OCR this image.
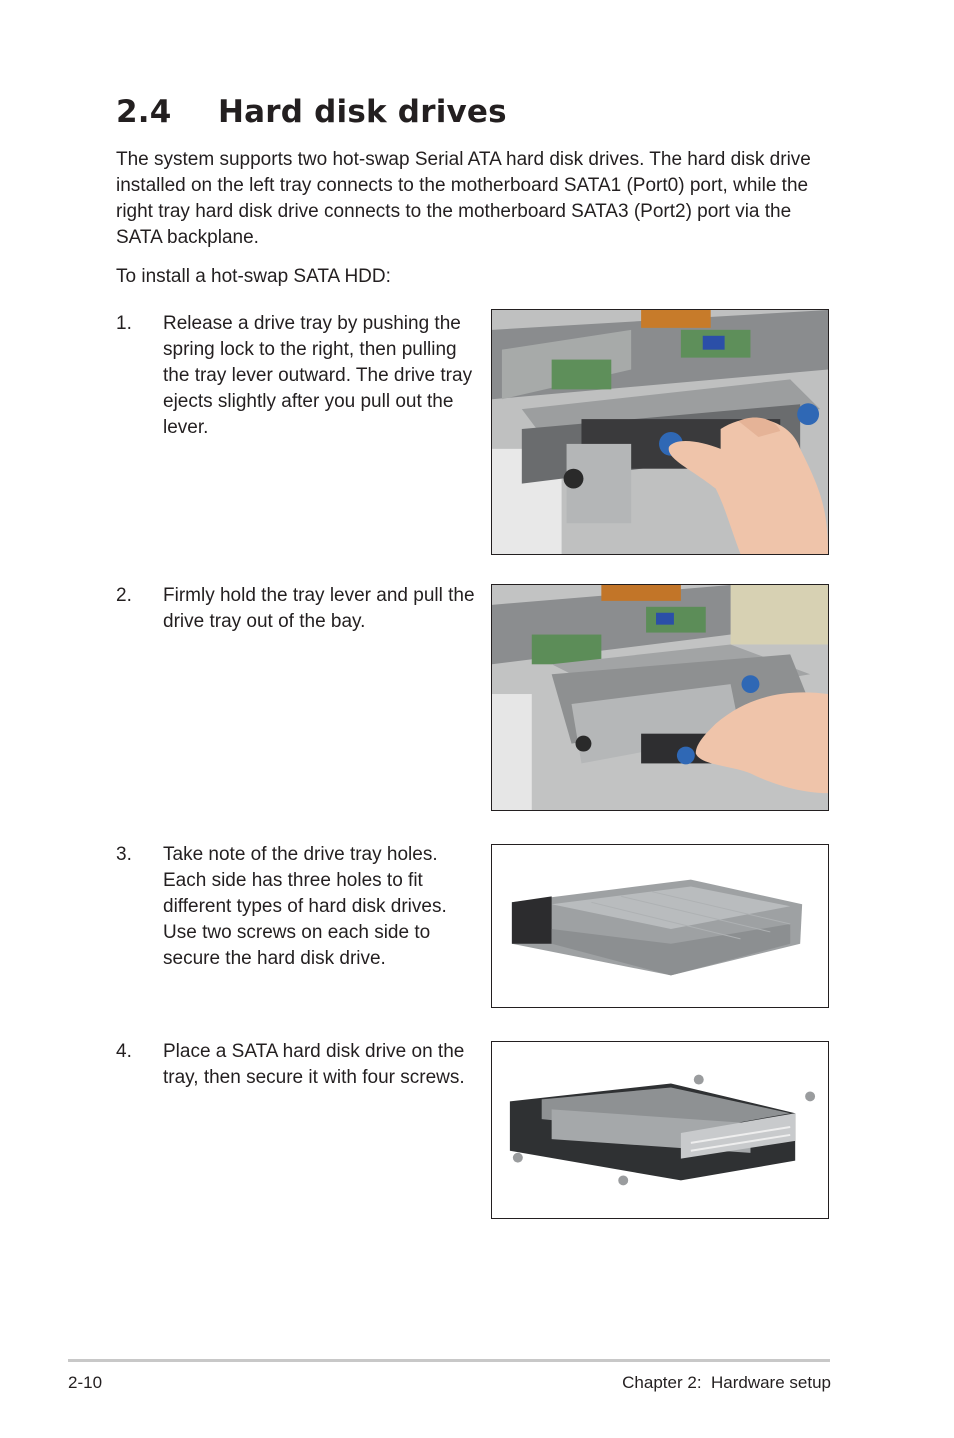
2.4 Hard disk drives

The system supports two hot-swap Serial ATA hard disk drives. The hard disk drive installed on the left tray connects to the motherboard SATA1 (Port0) port, while the right tray hard disk drive connects to the motherboard SATA3 (Port2) port via the SATA backplane.

To install a hot-swap SATA HDD:

1.	Release a drive tray by pushing the spring lock to the right, then pulling the tray lever outward. The drive tray ejects slightly after you pull out the lever.
2.	Firmly hold the tray lever and pull the drive tray out of the bay.
3.	Take note of the drive tray holes. Each side has three holes to fit different types of hard disk drives. Use two screws on each side to secure the hard disk drive.
4.	Place a SATA hard disk drive on the tray, then secure it with four screws.
2-10	Chapter 2:  Hardware setup
